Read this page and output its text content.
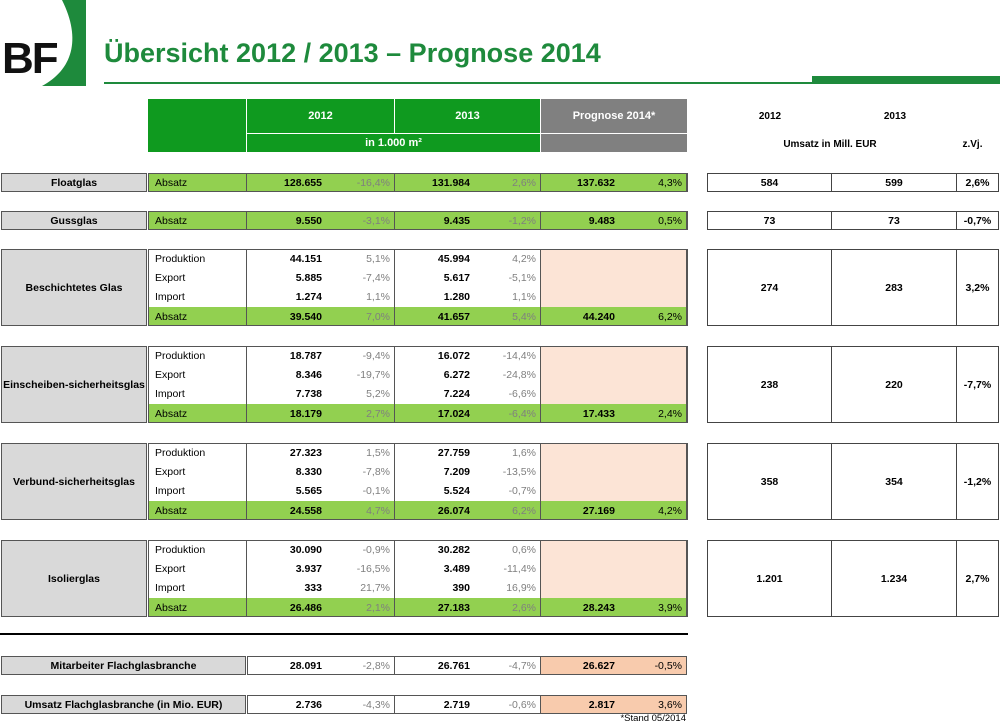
BF Übersicht 2012 / 2013 – Prognose 2014
2012	2013	Prognose 2014*
in 1.000 m²
2012	2013
Umsatz in Mill. EUR	z.Vj.
Floatglas	Absatz	128.655	-16,4%	131.984	2,6%	137.632	4,3%	584	599	2,6%
Gussglas	Absatz	9.550	-3,1%	9.435	-1,2%	9.483	0,5%	73	73	-0,7%
Beschichtetes Glas
Produktion	44.151	5,1%	45.994	4,2%
Export	5.885	-7,4%	5.617	-5,1%
Import	1.274	1,1%	1.280	1,1%
Absatz	39.540	7,0%	41.657	5,4%	44.240	6,2%
274	283	3,2%
Einscheiben-sicherheitsglas
Produktion	18.787	-9,4%	16.072	-14,4%
Export	8.346	-19,7%	6.272	-24,8%
Import	7.738	5,2%	7.224	-6,6%
Absatz	18.179	2,7%	17.024	-6,4%	17.433	2,4%
238	220	-7,7%
Verbund-sicherheitsglas
Produktion	27.323	1,5%	27.759	1,6%
Export	8.330	-7,8%	7.209	-13,5%
Import	5.565	-0,1%	5.524	-0,7%
Absatz	24.558	4,7%	26.074	6,2%	27.169	4,2%
358	354	-1,2%
Isolierglas
Produktion	30.090	-0,9%	30.282	0,6%
Export	3.937	-16,5%	3.489	-11,4%
Import	333	21,7%	390	16,9%
Absatz	26.486	2,1%	27.183	2,6%	28.243	3,9%
1.201	1.234	2,7%
Mitarbeiter Flachglasbranche	28.091	-2,8%	26.761	-4,7%	26.627	-0,5%
Umsatz Flachglasbranche (in Mio. EUR)	2.736	-4,3%	2.719	-0,6%	2.817	3,6%
*Stand 05/2014
